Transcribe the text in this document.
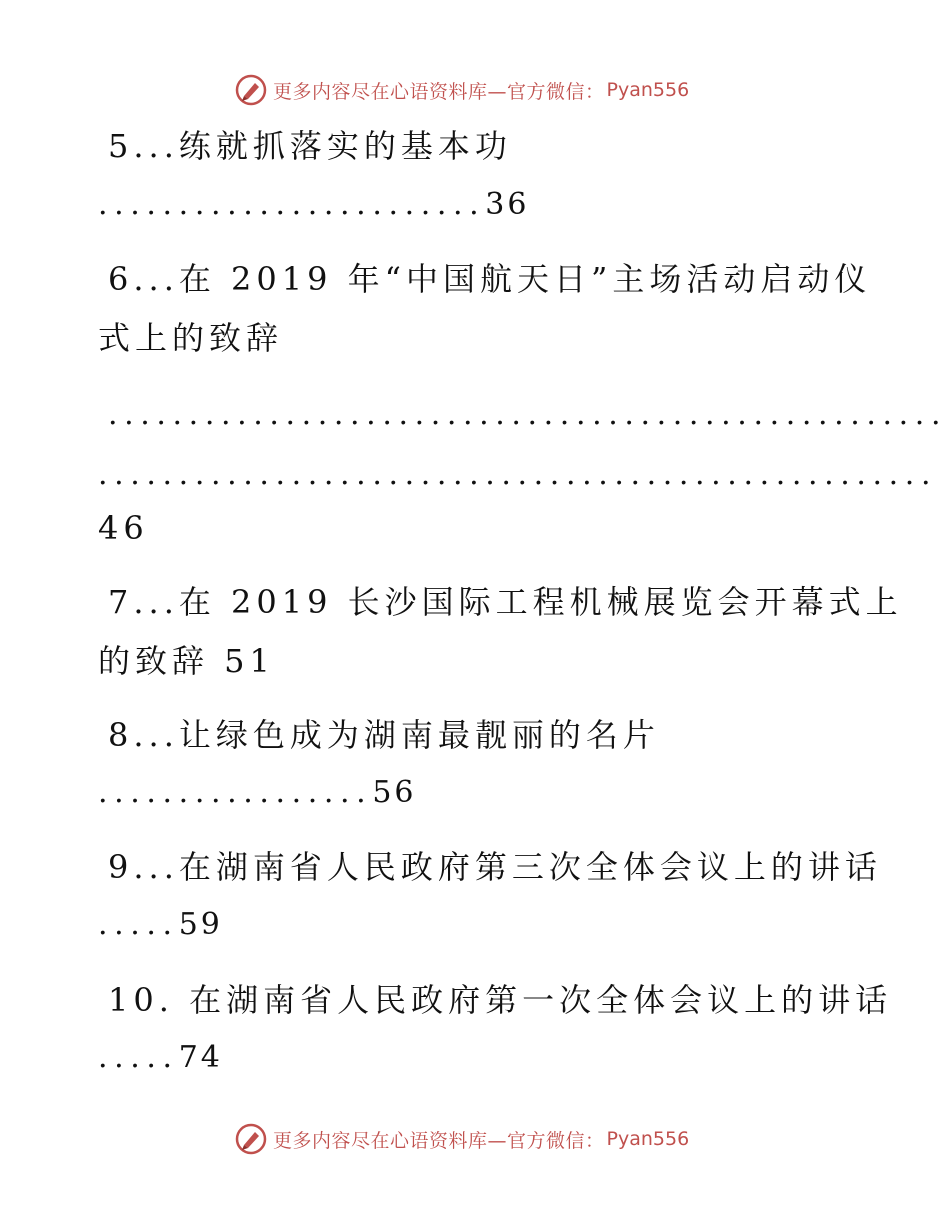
更多内容尽在心语资料库—官方微信： Pyan556
5...练就抓落实的基本功
........................36
6...在 2019 年“中国航天日”主场活动启动仪
式上的致辞
....................................................
....................................................
46
7...在 2019 长沙国际工程机械展览会开幕式上
的致辞 51
8...让绿色成为湖南最靓丽的名片
.................56
9...在湖南省人民政府第三次全体会议上的讲话
.....59
10. 在湖南省人民政府第一次全体会议上的讲话
.....74
更多内容尽在心语资料库—官方微信： Pyan556
